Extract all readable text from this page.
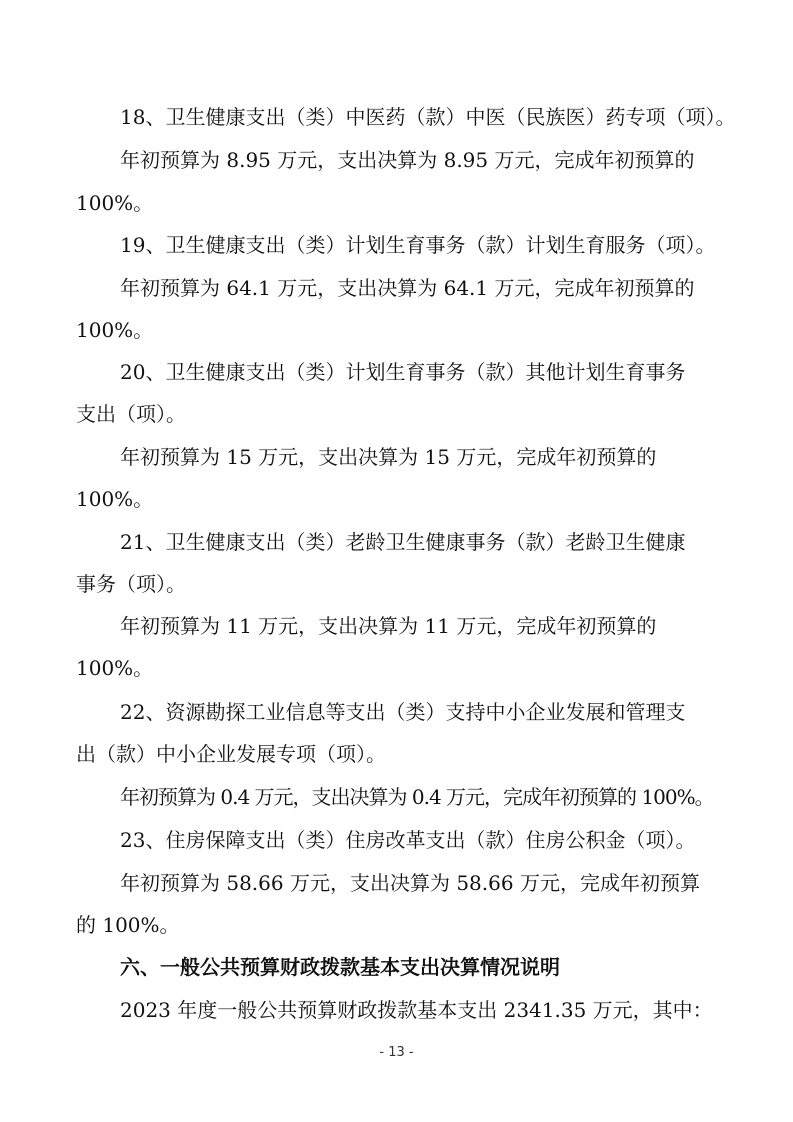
18、卫生健康支出（类）中医药（款）中医（民族医）药专项（项）。
年初预算为 8.95 万元，支出决算为 8.95 万元，完成年初预算的
100%。
19、卫生健康支出（类）计划生育事务（款）计划生育服务（项）。
年初预算为 64.1 万元，支出决算为 64.1 万元，完成年初预算的
100%。
20、卫生健康支出（类）计划生育事务（款）其他计划生育事务
支出（项）。
年初预算为 15 万元，支出决算为 15 万元，完成年初预算的
100%。
21、卫生健康支出（类）老龄卫生健康事务（款）老龄卫生健康
事务（项）。
年初预算为 11 万元，支出决算为 11 万元，完成年初预算的
100%。
22、资源勘探工业信息等支出（类）支持中小企业发展和管理支
出（款）中小企业发展专项（项）。
年初预算为 0.4 万元，支出决算为 0.4 万元，完成年初预算的 100%。
23、住房保障支出（类）住房改革支出（款）住房公积金（项）。
年初预算为 58.66 万元，支出决算为 58.66 万元，完成年初预算
的 100%。
六、一般公共预算财政拨款基本支出决算情况说明
2023 年度一般公共预算财政拨款基本支出 2341.35 万元，其中：
- 13 -
